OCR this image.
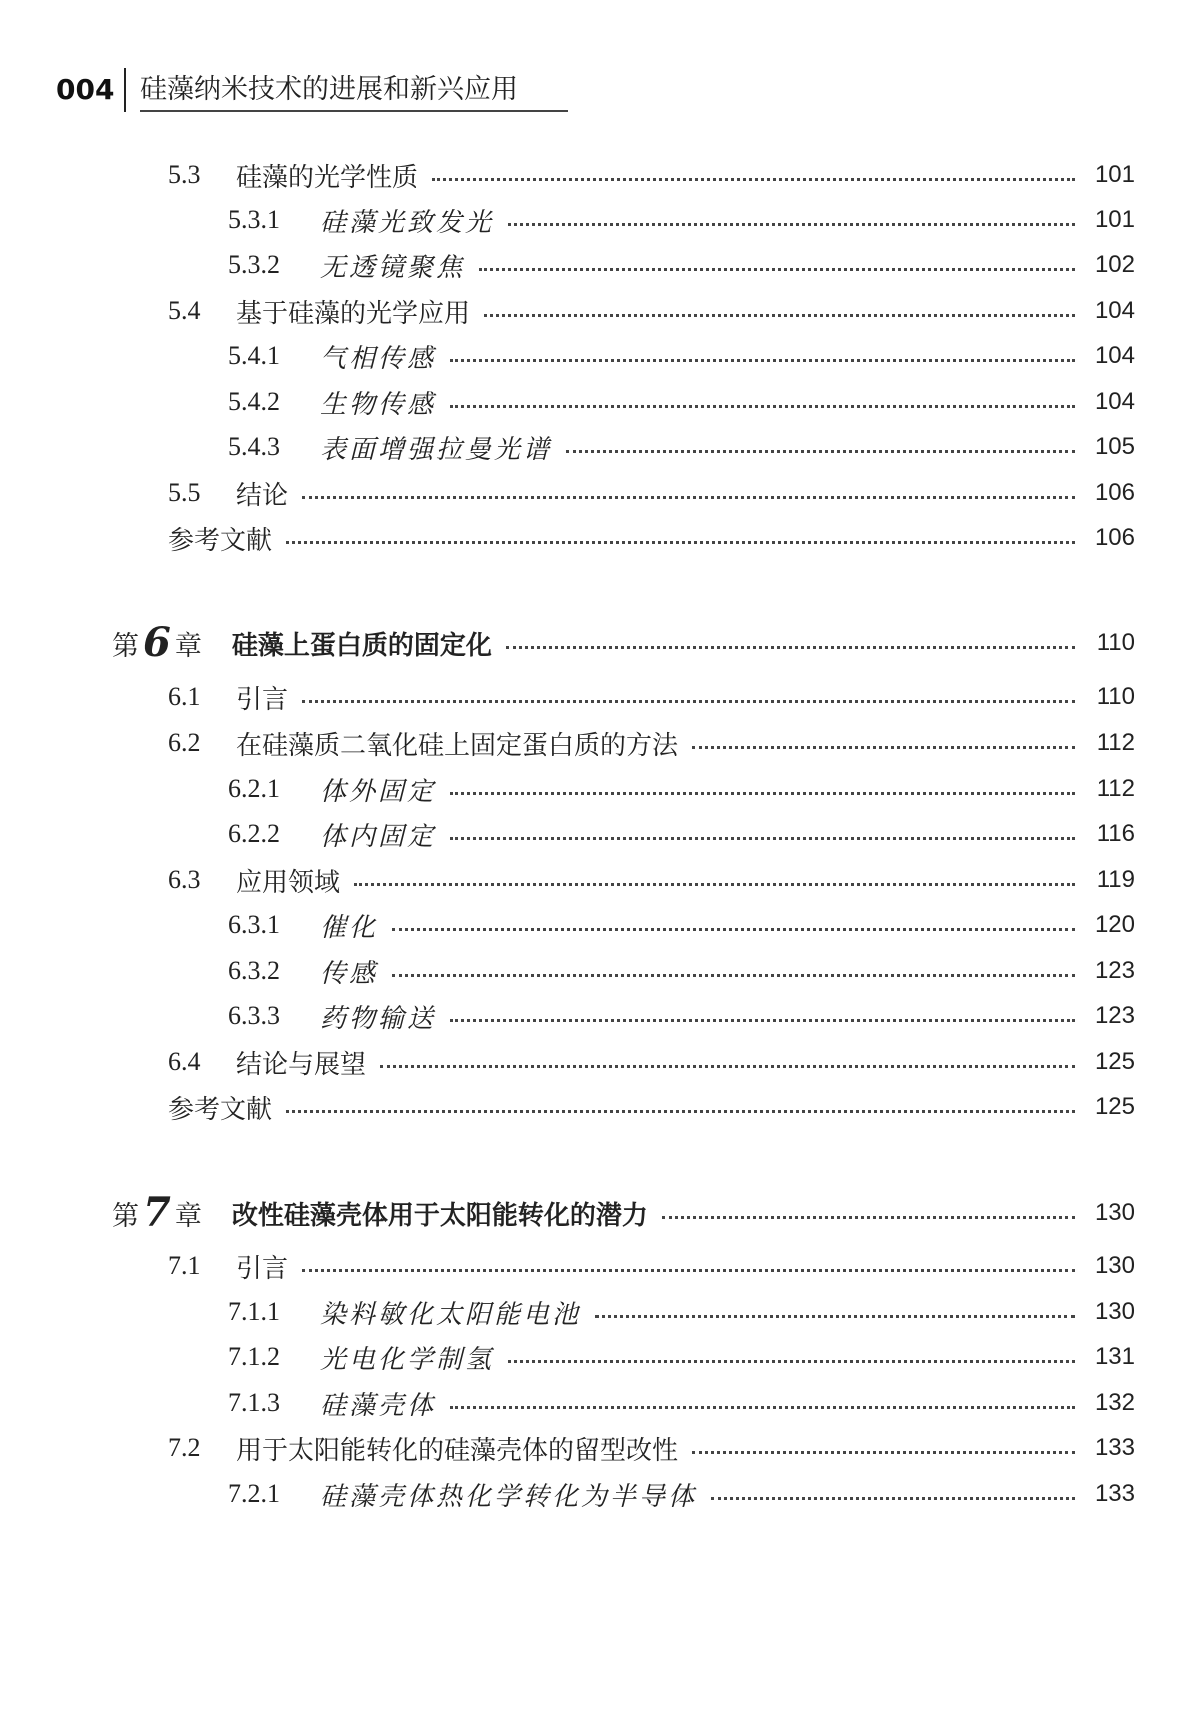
004 硅藻纳米技术的进展和新兴应用
5.3	硅藻的光学性质	101
5.3.1	硅藻光致发光	101
5.3.2	无透镜聚焦	102
5.4	基于硅藻的光学应用	104
5.4.1	气相传感	104
5.4.2	生物传感	104
5.4.3	表面增强拉曼光谱	105
5.5	结论	106
参考文献	106
第 6 章 硅藻上蛋白质的固定化	110
6.1	引言	110
6.2	在硅藻质二氧化硅上固定蛋白质的方法	112
6.2.1	体外固定	112
6.2.2	体内固定	116
6.3	应用领域	119
6.3.1	催化	120
6.3.2	传感	123
6.3.3	药物输送	123
6.4	结论与展望	125
参考文献	125
第 7 章 改性硅藻壳体用于太阳能转化的潜力	130
7.1	引言	130
7.1.1	染料敏化太阳能电池	130
7.1.2	光电化学制氢	131
7.1.3	硅藻壳体	132
7.2	用于太阳能转化的硅藻壳体的留型改性	133
7.2.1	硅藻壳体热化学转化为半导体	133
